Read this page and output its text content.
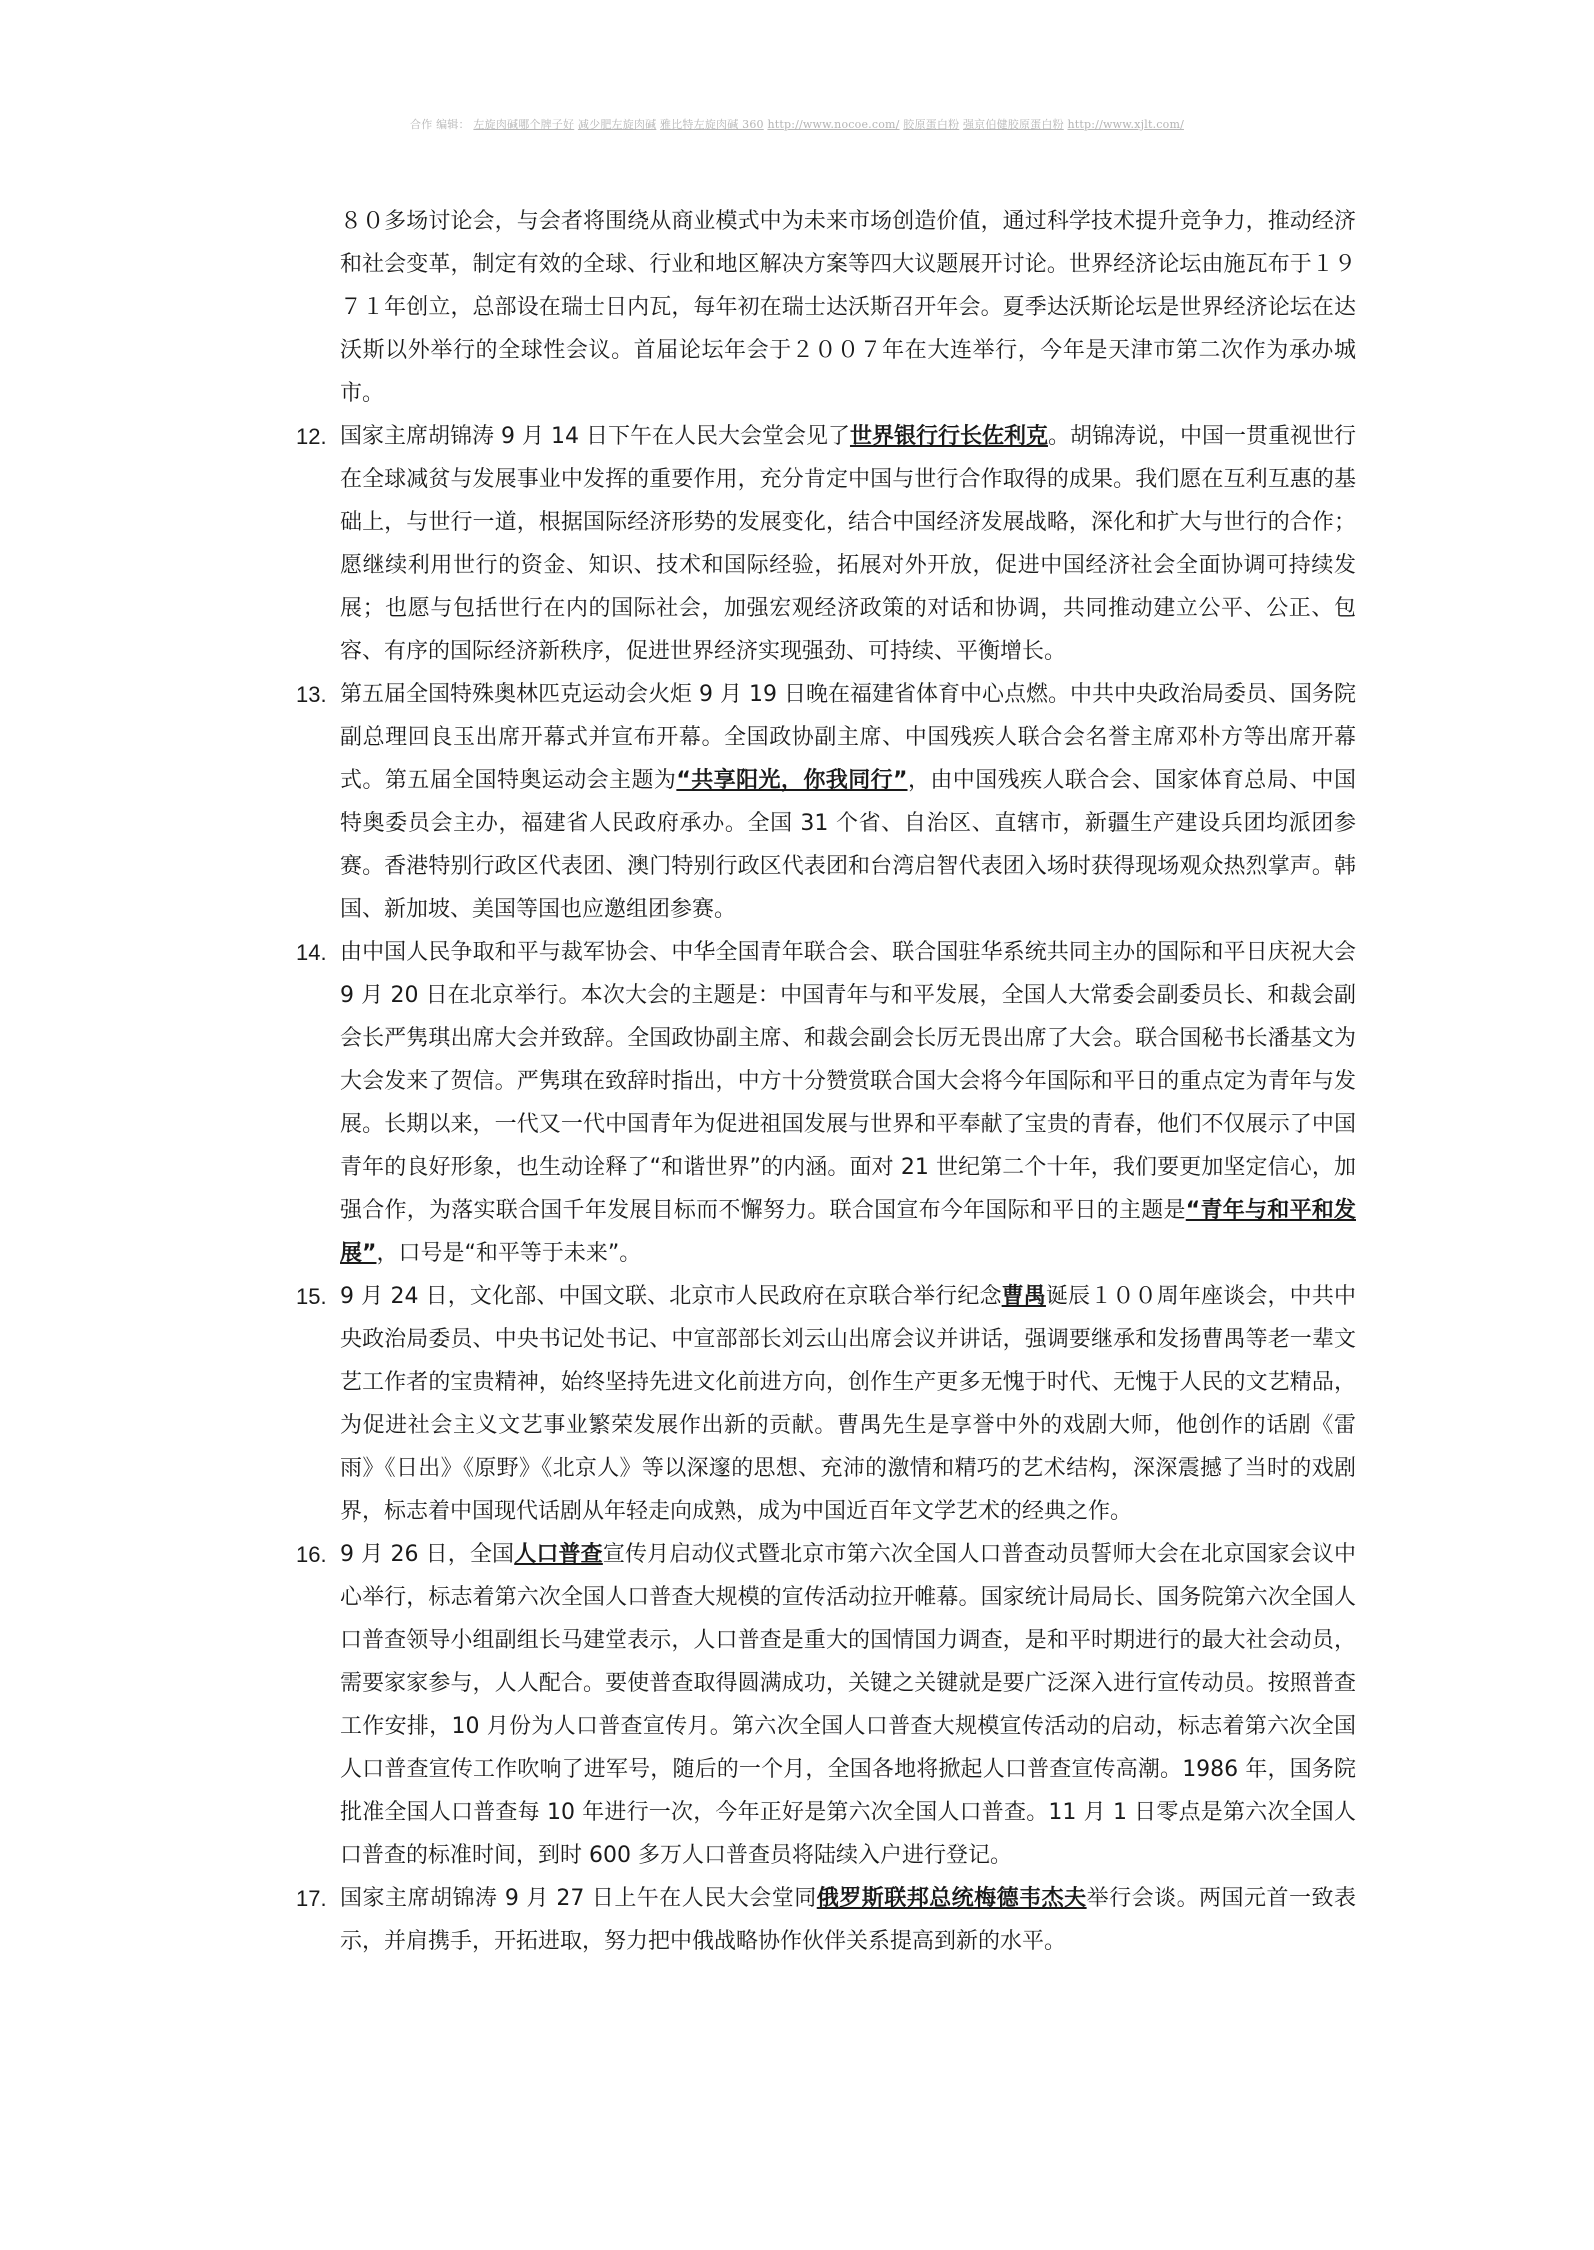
合作 编辑： 左旋肉碱哪个牌子好 减少肥左旋肉碱 雅比特左旋肉碱 360 http://www.nocoe.com/ 胶原蛋白粉 强京伯健胶原蛋白粉 http://www.xjlt.com/

８０多场讨论会，与会者将围绕从商业模式中为未来市场创造价值，通过科学技术提升竞争力，推动经济和社会变革，制定有效的全球、行业和地区解决方案等四大议题展开讨论。世界经济论坛由施瓦布于１９７１年创立，总部设在瑞士日内瓦，每年初在瑞士达沃斯召开年会。夏季达沃斯论坛是世界经济论坛在达沃斯以外举行的全球性会议。首届论坛年会于２００７年在大连举行，今年是天津市第二次作为承办城市。

12. 国家主席胡锦涛 9 月 14 日下午在人民大会堂会见了世界银行行长佐利克。胡锦涛说，中国一贯重视世行在全球减贫与发展事业中发挥的重要作用，充分肯定中国与世行合作取得的成果。我们愿在互利互惠的基础上，与世行一道，根据国际经济形势的发展变化，结合中国经济发展战略，深化和扩大与世行的合作；愿继续利用世行的资金、知识、技术和国际经验，拓展对外开放，促进中国经济社会全面协调可持续发展；也愿与包括世行在内的国际社会，加强宏观经济政策的对话和协调，共同推动建立公平、公正、包容、有序的国际经济新秩序，促进世界经济实现强劲、可持续、平衡增长。

13. 第五届全国特殊奥林匹克运动会火炬 9 月 19 日晚在福建省体育中心点燃。中共中央政治局委员、国务院副总理回良玉出席开幕式并宣布开幕。全国政协副主席、中国残疾人联合会名誉主席邓朴方等出席开幕式。第五届全国特奥运动会主题为“共享阳光，你我同行”，由中国残疾人联合会、国家体育总局、中国特奥委员会主办，福建省人民政府承办。全国 31 个省、自治区、直辖市，新疆生产建设兵团均派团参赛。香港特别行政区代表团、澳门特别行政区代表团和台湾启智代表团入场时获得现场观众热烈掌声。韩国、新加坡、美国等国也应邀组团参赛。

14. 由中国人民争取和平与裁军协会、中华全国青年联合会、联合国驻华系统共同主办的国际和平日庆祝大会 9 月 20 日在北京举行。本次大会的主题是：中国青年与和平发展，全国人大常委会副委员长、和裁会副会长严隽琪出席大会并致辞。全国政协副主席、和裁会副会长厉无畏出席了大会。联合国秘书长潘基文为大会发来了贺信。严隽琪在致辞时指出，中方十分赞赏联合国大会将今年国际和平日的重点定为青年与发展。长期以来，一代又一代中国青年为促进祖国发展与世界和平奉献了宝贵的青春，他们不仅展示了中国青年的良好形象，也生动诠释了“和谐世界”的内涵。面对 21 世纪第二个十年，我们要更加坚定信心，加强合作，为落实联合国千年发展目标而不懈努力。联合国宣布今年国际和平日的主题是“青年与和平和发展”，口号是“和平等于未来”。

15. 9 月 24 日，文化部、中国文联、北京市人民政府在京联合举行纪念曹禺诞辰１００周年座谈会，中共中央政治局委员、中央书记处书记、中宣部部长刘云山出席会议并讲话，强调要继承和发扬曹禺等老一辈文艺工作者的宝贵精神，始终坚持先进文化前进方向，创作生产更多无愧于时代、无愧于人民的文艺精品，为促进社会主义文艺事业繁荣发展作出新的贡献。曹禺先生是享誉中外的戏剧大师，他创作的话剧《雷雨》《日出》《原野》《北京人》等以深邃的思想、充沛的激情和精巧的艺术结构，深深震撼了当时的戏剧界，标志着中国现代话剧从年轻走向成熟，成为中国近百年文学艺术的经典之作。

16. 9 月 26 日，全国人口普查宣传月启动仪式暨北京市第六次全国人口普查动员誓师大会在北京国家会议中心举行，标志着第六次全国人口普查大规模的宣传活动拉开帷幕。国家统计局局长、国务院第六次全国人口普查领导小组副组长马建堂表示，人口普查是重大的国情国力调查，是和平时期进行的最大社会动员，需要家家参与，人人配合。要使普查取得圆满成功，关键之关键就是要广泛深入进行宣传动员。按照普查工作安排，10 月份为人口普查宣传月。第六次全国人口普查大规模宣传活动的启动，标志着第六次全国人口普查宣传工作吹响了进军号，随后的一个月，全国各地将掀起人口普查宣传高潮。1986 年，国务院批准全国人口普查每 10 年进行一次，今年正好是第六次全国人口普查。11 月 1 日零点是第六次全国人口普查的标准时间，到时 600 多万人口普查员将陆续入户进行登记。

17. 国家主席胡锦涛 9 月 27 日上午在人民大会堂同俄罗斯联邦总统梅德韦杰夫举行会谈。两国元首一致表示，并肩携手，开拓进取，努力把中俄战略协作伙伴关系提高到新的水平。
